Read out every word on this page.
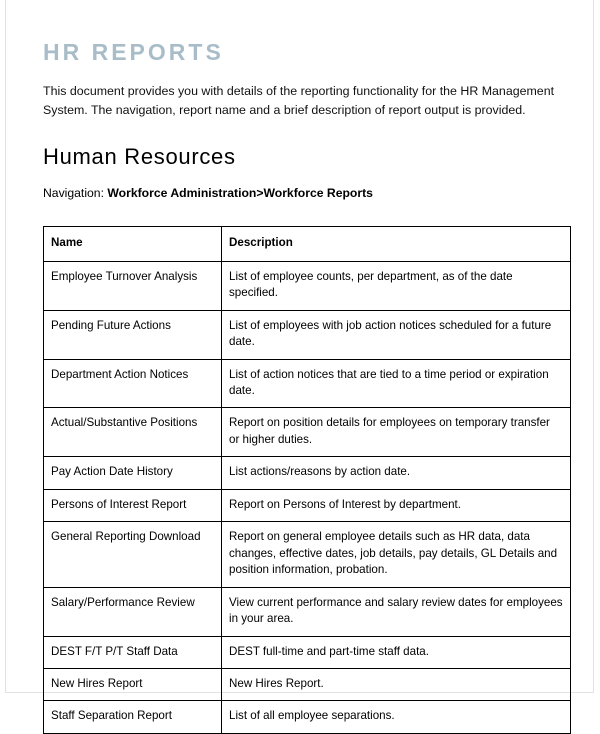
HR REPORTS

This document provides you with details of the reporting functionality for the HR Management System. The navigation, report name and a brief description of report output is provided.

Human Resources

Navigation: Workforce Administration>Workforce Reports

Name	Description
Employee Turnover Analysis	List of employee counts, per department, as of the date specified.
Pending Future Actions	List of employees with job action notices scheduled for a future date.
Department Action Notices	List of action notices that are tied to a time period or expiration date.
Actual/Substantive Positions	Report on position details for employees on temporary transfer or higher duties.
Pay Action Date History	List actions/reasons by action date.
Persons of Interest Report	Report on Persons of Interest by department.
General Reporting Download	Report on general employee details such as HR data, data changes, effective dates, job details, pay details, GL Details and position information, probation.
Salary/Performance Review	View current performance and salary review dates for employees in your area.
DEST F/T P/T Staff Data	DEST full-time and part-time staff data.
New Hires Report	New Hires Report.
Staff Separation Report	List of all employee separations.
